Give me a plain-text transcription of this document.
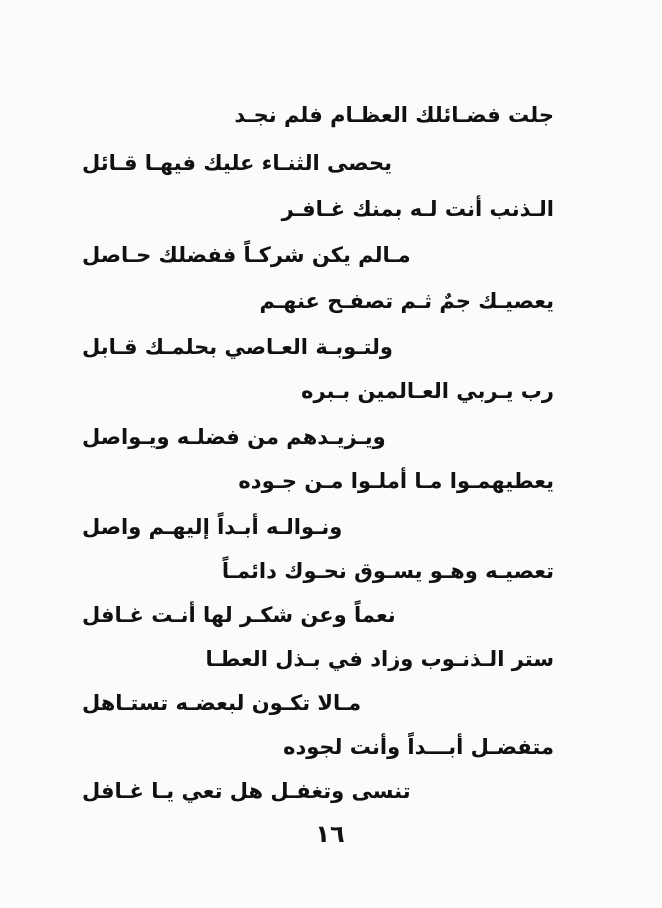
جلت فضـائلك العظـام فلم نجـد
يحصى الثنـاء عليك فيهـا قـائل
الـذنب أنت لـه بمنك غـافـر
مـالم يكن شركـاً ففضلك حـاصل
يعصيـك جمٌ ثـم تصفـح عنهـم
ولتـوبـة العـاصي بحلمـك قـابل
رب يـربي العـالمين بـبره
ويـزيـدهم من فضلـه ويـواصل
يعطيهمـوا مـا أملـوا مـن جـوده
ونـوالـه أبـداً إليهـم واصل
تعصيـه وهـو يسـوق نحـوك دائمـاً
نعماً وعن شكـر لها أنـت غـافل
ستر الـذنـوب وزاد في بـذل العطـا
مـالا تكـون لبعضـه تستـاهل
متفضـل أبـــداً وأنت لجوده
تنسى وتغفـل هل تعي يـا غـافل
١٦
